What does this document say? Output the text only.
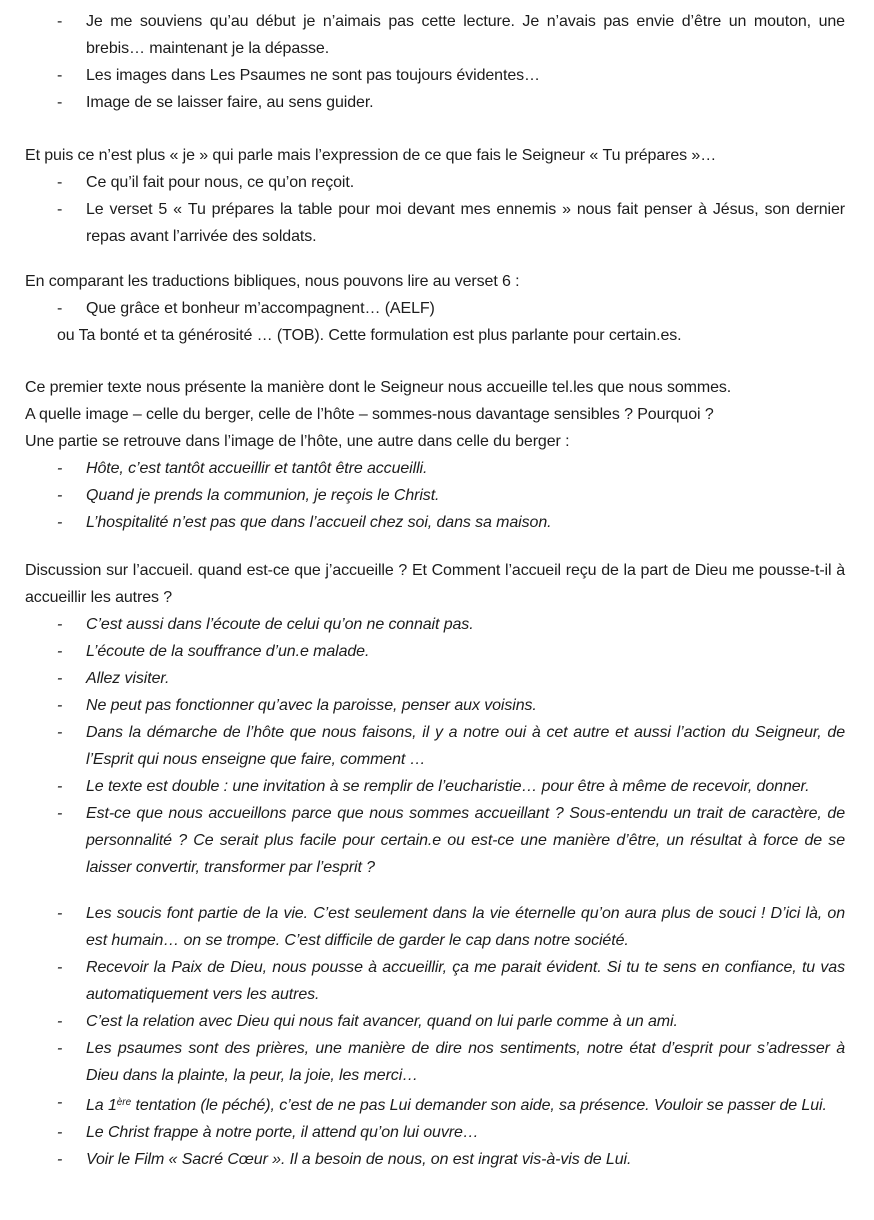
- Je me souviens qu’au début je n’aimais pas cette lecture. Je n’avais pas envie d’être un mouton, une brebis… maintenant je la dépasse.
- Les images dans Les Psaumes ne sont pas toujours évidentes…
- Image de se laisser faire, au sens guider.
Et puis ce n’est plus « je » qui parle mais l’expression de ce que fais le Seigneur « Tu prépares »…
- Ce qu’il fait pour nous, ce qu’on reçoit.
- Le verset 5 « Tu prépares la table pour moi devant mes ennemis » nous fait penser à Jésus, son dernier repas avant l’arrivée des soldats.
En comparant les traductions bibliques, nous pouvons lire au verset 6 :
- Que grâce et bonheur m’accompagnent… (AELF)
ou Ta bonté et ta générosité … (TOB). Cette formulation est plus parlante pour certain.es.
Ce premier texte nous présente la manière dont le Seigneur nous accueille tel.les que nous sommes.
A quelle image – celle du berger, celle de l’hôte – sommes-nous davantage sensibles ? Pourquoi ?
Une partie se retrouve dans l’image de l’hôte, une autre dans celle du berger :
- Hôte, c’est tantôt accueillir et tantôt être accueilli.
- Quand je prends la communion, je reçois le Christ.
- L’hospitalité n’est pas que dans l’accueil chez soi, dans sa maison.
Discussion sur l’accueil. quand est-ce que j’accueille ? Et Comment l’accueil reçu de la part de Dieu me pousse-t-il à accueillir les autres ?
- C’est aussi dans l’écoute de celui qu’on ne connait pas.
- L’écoute de la souffrance d’un.e malade.
- Allez visiter.
- Ne peut pas fonctionner qu’avec la paroisse, penser aux voisins.
- Dans la démarche de l’hôte que nous faisons, il y a notre oui à cet autre et aussi l’action du Seigneur, de l’Esprit qui nous enseigne que faire, comment …
- Le texte est double : une invitation à se remplir de l’eucharistie… pour être à même de recevoir, donner.
- Est-ce que nous accueillons parce que nous sommes accueillant ? Sous-entendu un trait de caractère, de personnalité ? Ce serait plus facile pour certain.e ou est-ce une manière d’être, un résultat à force de se laisser convertir, transformer par l’esprit ?
- Les soucis font partie de la vie. C’est seulement dans la vie éternelle qu’on aura plus de souci ! D’ici là, on est humain… on se trompe. C’est difficile de garder le cap dans notre société.
- Recevoir la Paix de Dieu, nous pousse à accueillir, ça me parait évident. Si tu te sens en confiance, tu vas automatiquement vers les autres.
- C’est la relation avec Dieu qui nous fait avancer, quand on lui parle comme à un ami.
- Les psaumes sont des prières, une manière de dire nos sentiments, notre état d’esprit pour s’adresser à Dieu dans la plainte, la peur, la joie, les merci…
- La 1ère tentation (le péché), c’est de ne pas Lui demander son aide, sa présence. Vouloir se passer de Lui.
- Le Christ frappe à notre porte, il attend qu’on lui ouvre…
- Voir le Film « Sacré Cœur ». Il a besoin de nous, on est ingrat vis-à-vis de Lui.
